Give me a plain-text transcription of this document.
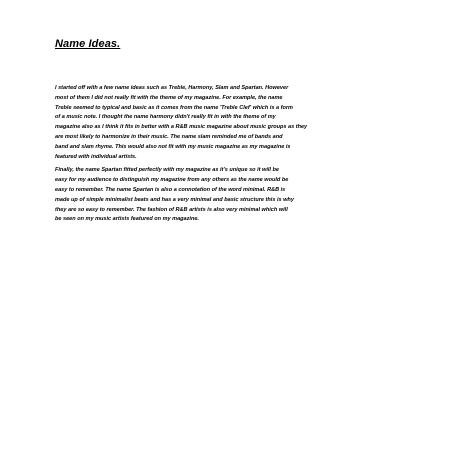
Name Ideas.

I started off with a few name ideas such as Treble, Harmony, Slam and Spartan. However
most of them I did not really fit with the theme of my magazine. For example, the name
Treble seemed to typical and basic as it comes from the name 'Treble Clef' which is a form
of a music note. I thought the name harmony didn't really fit in with the theme of my
magazine also as I think it fits in better with a R&B music magazine about music groups as they
are most likely to harmonize in their music. The name slam reminded me of bands and
band and slam rhyme. This would also not fit with my music magazine as my magazine is
featured with individual artists.

Finally, the name Spartan fitted perfectly with my magazine as it's unique so it will be
easy for my audience to distinguish my magazine from any others as the name would be
easy to remember. The name Spartan is also a connotation of the word minimal. R&B is
made up of simple minimalist beats and has a very minimal and basic structure this is why
they are so easy to remember. The fashion of R&B artists is also very minimal which will
be seen on my music artists featured on my magazine.
